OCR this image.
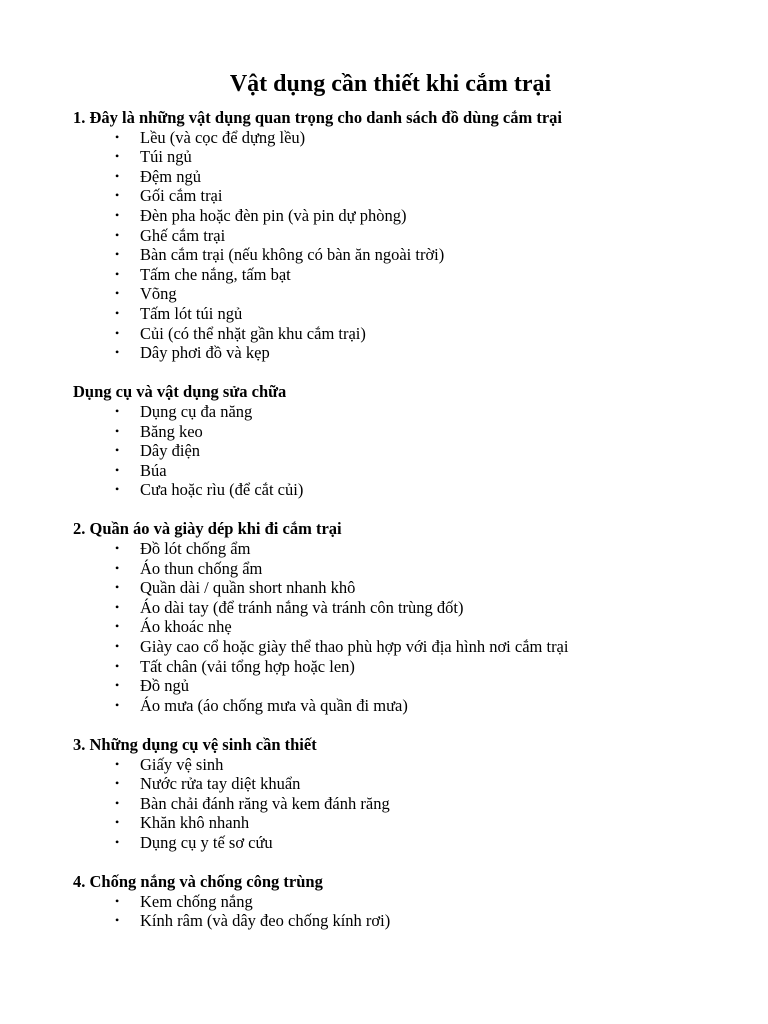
Vật dụng cần thiết khi cắm trại
1. Đây là những vật dụng quan trọng cho danh sách đồ dùng cắm trại
• Lều (và cọc để dựng lều)
• Túi ngủ
• Đệm ngủ
• Gối cắm trại
• Đèn pha hoặc đèn pin (và pin dự phòng)
• Ghế cắm trại
• Bàn cắm trại (nếu không có bàn ăn ngoài trời)
• Tấm che nắng, tấm bạt
• Võng
• Tấm lót túi ngủ
• Củi (có thể nhặt gần khu cắm trại)
• Dây phơi đồ và kẹp
Dụng cụ và vật dụng sửa chữa
• Dụng cụ đa năng
• Băng keo
• Dây điện
• Búa
• Cưa hoặc rìu (để cắt củi)
2. Quần áo và giày dép khi đi cắm trại
• Đồ lót chống ẩm
• Áo thun chống ẩm
• Quần dài / quần short nhanh khô
• Áo dài tay (để tránh nắng và tránh côn trùng đốt)
• Áo khoác nhẹ
• Giày cao cổ hoặc giày thể thao phù hợp với địa hình nơi cắm trại
• Tất chân (vải tổng hợp hoặc len)
• Đồ ngủ
• Áo mưa (áo chống mưa và quần đi mưa)
3. Những dụng cụ vệ sinh cần thiết
• Giấy vệ sinh
• Nước rửa tay diệt khuẩn
• Bàn chải đánh răng và kem đánh răng
• Khăn khô nhanh
• Dụng cụ y tế sơ cứu
4. Chống nắng và chống công trùng
• Kem chống nắng
• Kính râm (và dây đeo chống kính rơi)
